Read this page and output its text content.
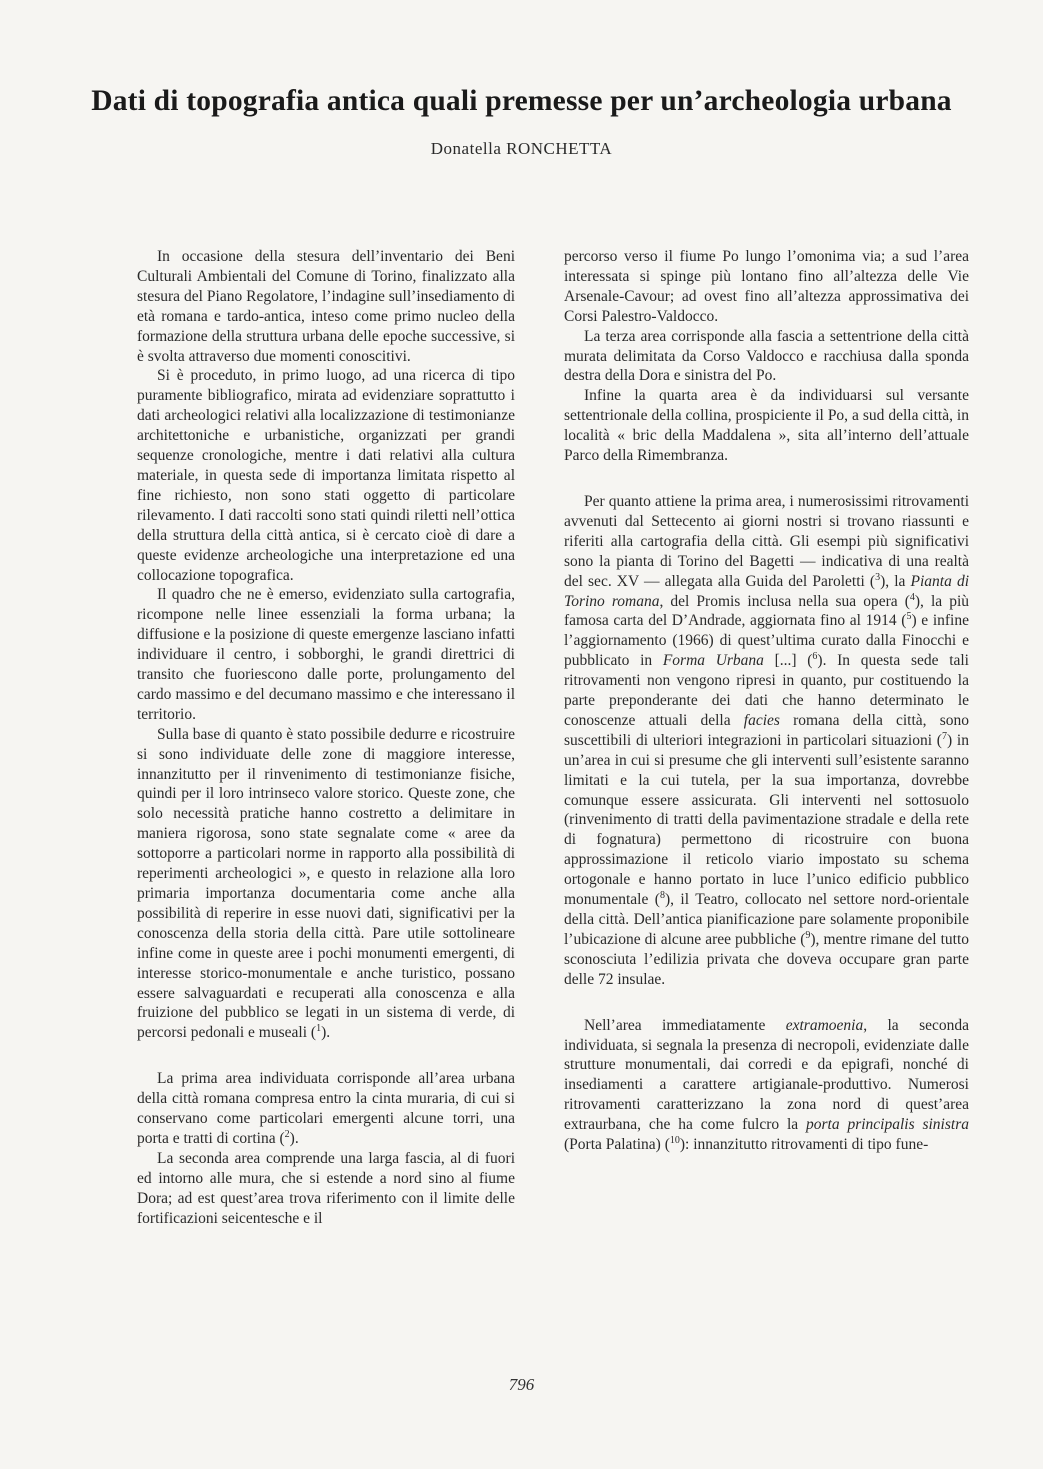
Dati di topografia antica quali premesse per un’archeologia urbana
Donatella RONCHETTA

In occasione della stesura dell’inventario dei Beni Culturali Ambientali del Comune di Torino, finalizzato alla stesura del Piano Regolatore, l’indagine sull’insediamento di età romana e tardo-antica, inteso come primo nucleo della formazione della struttura urbana delle epoche successive, si è svolta attraverso due momenti conoscitivi.

Si è proceduto, in primo luogo, ad una ricerca di tipo puramente bibliografico, mirata ad evidenziare soprattutto i dati archeologici relativi alla localizzazione di testimonianze architettoniche e urbanistiche, organizzati per grandi sequenze cronologiche, mentre i dati relativi alla cultura materiale, in questa sede di importanza limitata rispetto al fine richiesto, non sono stati oggetto di particolare rilevamento. I dati raccolti sono stati quindi riletti nell’ottica della struttura della città antica, si è cercato cioè di dare a queste evidenze archeologiche una interpretazione ed una collocazione topografica.

Il quadro che ne è emerso, evidenziato sulla cartografia, ricompone nelle linee essenziali la forma urbana; la diffusione e la posizione di queste emergenze lasciano infatti individuare il centro, i sobborghi, le grandi direttrici di transito che fuoriescono dalle porte, prolungamento del cardo massimo e del decumano massimo e che interessano il territorio.

Sulla base di quanto è stato possibile dedurre e ricostruire si sono individuate delle zone di maggiore interesse, innanzitutto per il rinvenimento di testimonianze fisiche, quindi per il loro intrinseco valore storico. Queste zone, che solo necessità pratiche hanno costretto a delimitare in maniera rigorosa, sono state segnalate come « aree da sottoporre a particolari norme in rapporto alla possibilità di reperimenti archeologici », e questo in relazione alla loro primaria importanza documentaria come anche alla possibilità di reperire in esse nuovi dati, significativi per la conoscenza della storia della città. Pare utile sottolineare infine come in queste aree i pochi monumenti emergenti, di interesse storico-monumentale e anche turistico, possano essere salvaguardati e recuperati alla conoscenza e alla fruizione del pubblico se legati in un sistema di verde, di percorsi pedonali e museali ($^1$).

La prima area individuata corrisponde all’area urbana della città romana compresa entro la cinta muraria, di cui si conservano come particolari emergenti alcune torri, una porta e tratti di cortina ($^2$).

La seconda area comprende una larga fascia, al di fuori ed intorno alle mura, che si estende a nord sino al fiume Dora; ad est quest’area trova riferimento con il limite delle fortificazioni seicentesche e il

percorso verso il fiume Po lungo l’omonima via; a sud l’area interessata si spinge più lontano fino all’altezza delle Vie Arsenale-Cavour; ad ovest fino all’altezza approssimativa dei Corsi Palestro-Valdocco.

La terza area corrisponde alla fascia a settentrione della città murata delimitata da Corso Valdocco e racchiusa dalla sponda destra della Dora e sinistra del Po.

Infine la quarta area è da individuarsi sul versante settentrionale della collina, prospiciente il Po, a sud della città, in località « bric della Maddalena », sita all’interno dell’attuale Parco della Rimembranza.

Per quanto attiene la prima area, i numerosissimi ritrovamenti avvenuti dal Settecento ai giorni nostri si trovano riassunti e riferiti alla cartografia della città. Gli esempi più significativi sono la pianta di Torino del Bagetti — indicativa di una realtà del sec. XV — allegata alla Guida del Paroletti ($^3$), la Pianta di Torino romana, del Promis inclusa nella sua opera ($^4$), la più famosa carta del D’Andrade, aggiornata fino al 1914 ($^5$) e infine l’aggiornamento (1966) di quest’ultima curato dalla Finocchi e pubblicato in Forma Urbana [...] ($^6$). In questa sede tali ritrovamenti non vengono ripresi in quanto, pur costituendo la parte preponderante dei dati che hanno determinato le conoscenze attuali della facies romana della città, sono suscettibili di ulteriori integrazioni in particolari situazioni ($^7$) in un’area in cui si presume che gli interventi sull’esistente saranno limitati e la cui tutela, per la sua importanza, dovrebbe comunque essere assicurata. Gli interventi nel sottosuolo (rinvenimento di tratti della pavimentazione stradale e della rete di fognatura) permettono di ricostruire con buona approssimazione il reticolo viario impostato su schema ortogonale e hanno portato in luce l’unico edificio pubblico monumentale ($^8$), il Teatro, collocato nel settore nord-orientale della città. Dell’antica pianificazione pare solamente proponibile l’ubicazione di alcune aree pubbliche ($^9$), mentre rimane del tutto sconosciuta l’edilizia privata che doveva occupare gran parte delle 72 insulae.

Nell’area immediatamente extramoenia, la seconda individuata, si segnala la presenza di necropoli, evidenziate dalle strutture monumentali, dai corredi e da epigrafi, nonché di insediamenti a carattere artigianale-produttivo. Numerosi ritrovamenti caratterizzano la zona nord di quest’area extraurbana, che ha come fulcro la porta principalis sinistra (Porta Palatina) ($^{10}$): innanzitutto ritrovamenti di tipo fune-

796
